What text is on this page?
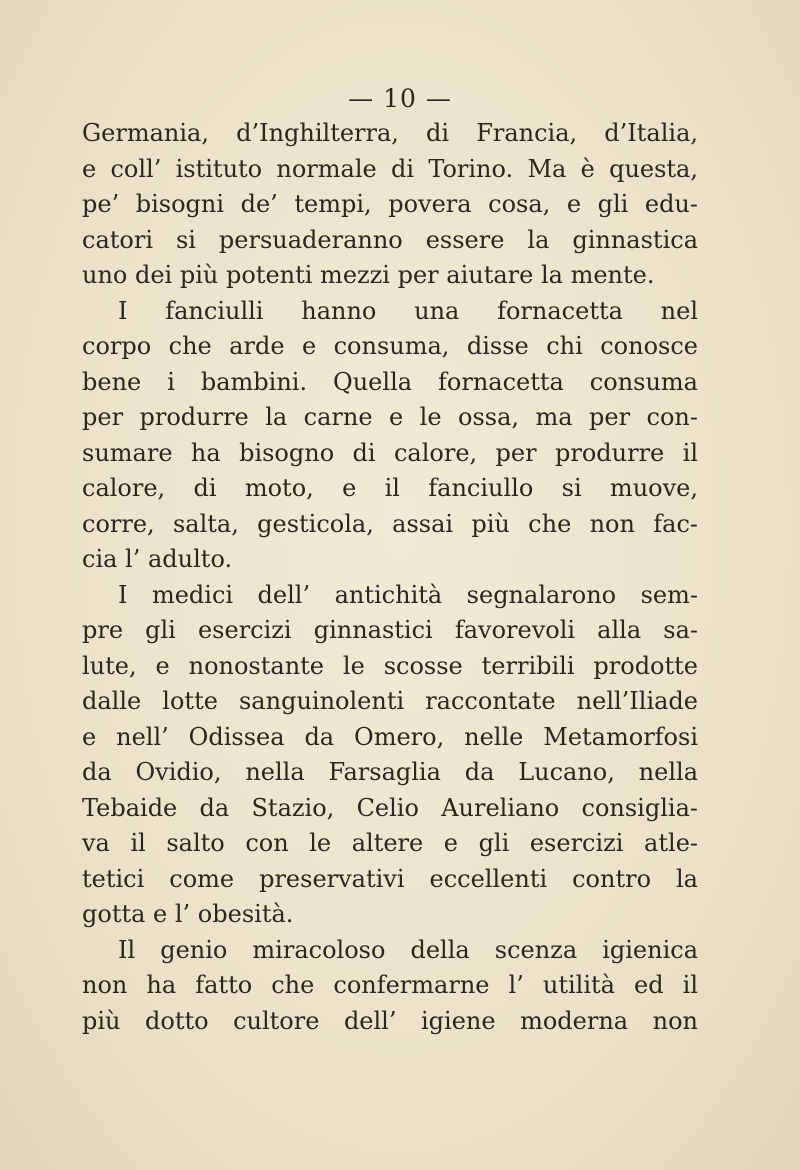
— 10 —
Germania, d’Inghilterra, di Francia, d’Italia,
e coll’ istituto normale di Torino. Ma è questa,
pe’ bisogni de’ tempi, povera cosa, e gli edu-
catori si persuaderanno essere la ginnastica
uno dei più potenti mezzi per aiutare la mente.
I fanciulli hanno una fornacetta nel
corpo che arde e consuma, disse chi conosce
bene i bambini. Quella fornacetta consuma
per produrre la carne e le ossa, ma per con-
sumare ha bisogno di calore, per produrre il
calore, di moto, e il fanciullo si muove,
corre, salta, gesticola, assai più che non fac-
cia l’ adulto.
I medici dell’ antichità segnalarono sem-
pre gli esercizi ginnastici favorevoli alla sa-
lute, e nonostante le scosse terribili prodotte
dalle lotte sanguinolenti raccontate nell’Iliade
e nell’ Odissea da Omero, nelle Metamorfosi
da Ovidio, nella Farsaglia da Lucano, nella
Tebaide da Stazio, Celio Aureliano consiglia-
va il salto con le altere e gli esercizi atle-
tetici come preservativi eccellenti contro la
gotta e l’ obesità.
Il genio miracoloso della scenza igienica
non ha fatto che confermarne l’ utilità ed il
più dotto cultore dell’ igiene moderna non
